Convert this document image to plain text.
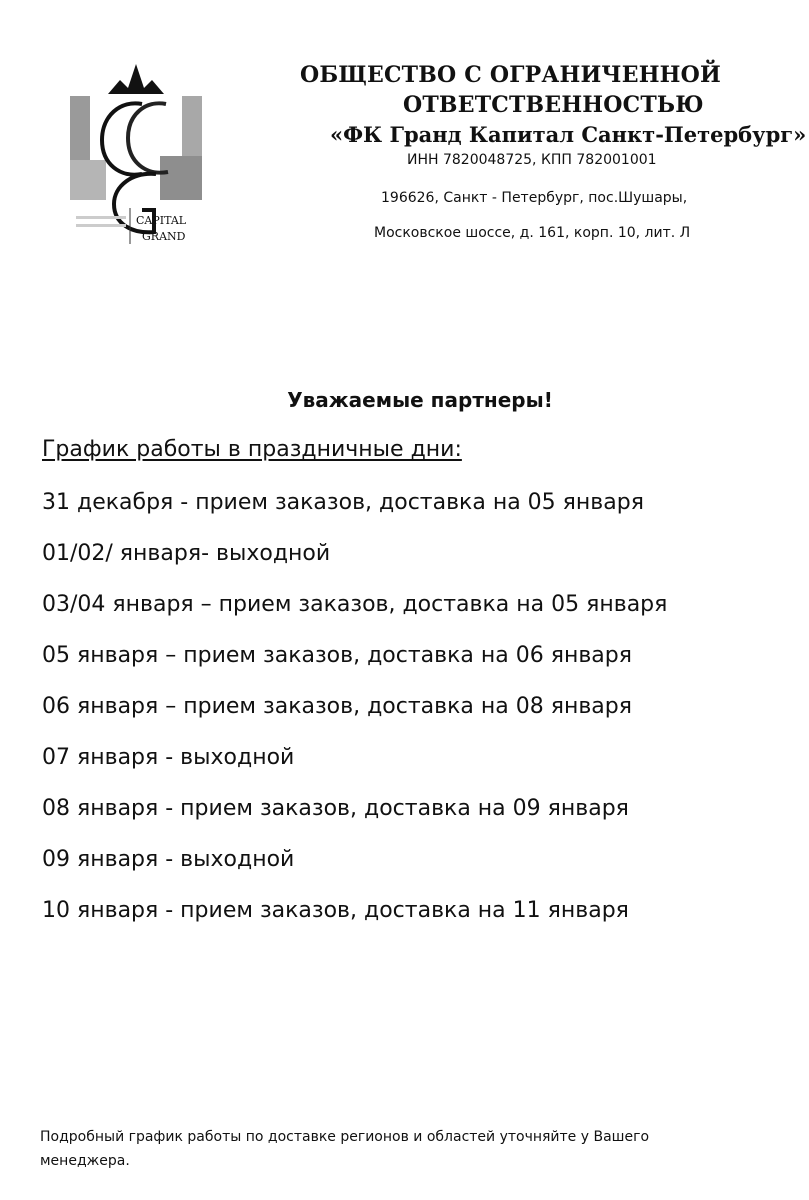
CAPITAL
GRAND

ОБЩЕСТВО С ОГРАНИЧЕННОЙ

ОТВЕТСТВЕННОСТЬЮ

«ФК Гранд Капитал Санкт-Петербург»

ИНН 7820048725, КПП 782001001
196626, Санкт - Петербург, пос.Шушары,
Московское шоссе, д. 161, корп. 10, лит. Л

Уважаемые партнеры!

График работы в праздничные дни:
31 декабря - прием заказов, доставка на 05 января
01/02/ января- выходной
03/04 января – прием заказов, доставка на 05 января
05 января – прием заказов, доставка на 06 января
06 января – прием заказов, доставка на 08 января
07 января - выходной
08 января - прием заказов, доставка на 09 января
09 января - выходной
10 января - прием заказов, доставка на 11 января
Подробный график работы по доставке регионов и областей уточняйте у Вашего менеджера.
